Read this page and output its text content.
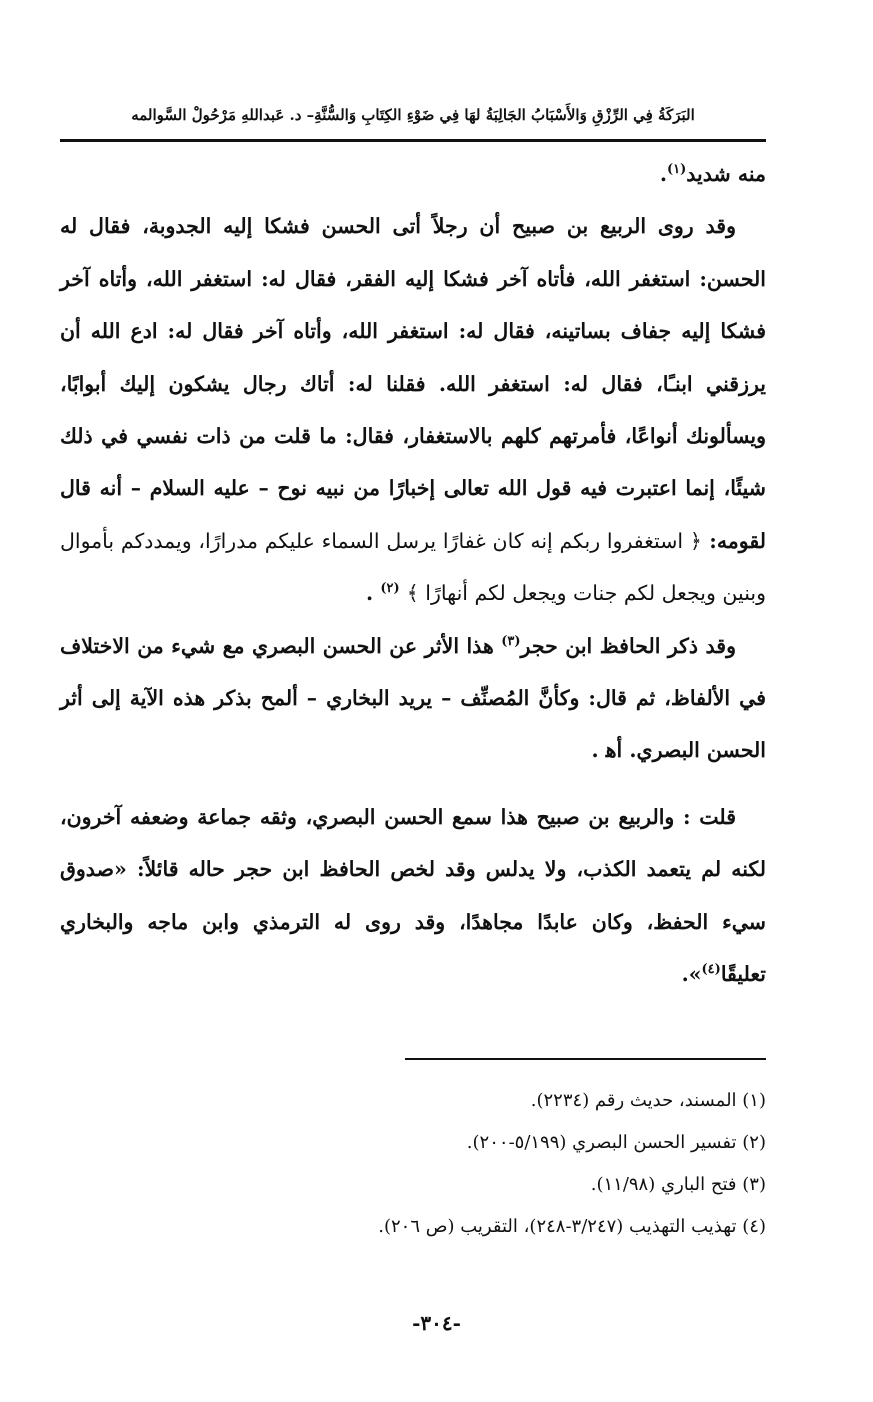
البَرَكَةُ فِي الرِّزْقِ وَالأَسْبَابُ الجَالِبَةُ لهَا فِي ضَوْءِ الكِتَابِ وَالسُّنَّةِ– د. عَبداللهِ مَرْحُولْ السَّوالمه

منه شديد$^{(١)}$.

وقد روى الربيع بن صبيح أن رجلاً أتى الحسن فشكا إليه الجدوبة، فقال له الحسن: استغفر الله، فأتاه آخر فشكا إليه الفقر، فقال له: استغفر الله، وأتاه آخر فشكا إليه جفاف بساتينه، فقال له: استغفر الله، وأتاه آخر فقال له: ادع الله أن يرزقني ابنـًا، فقال له: استغفر الله. فقلنا له: أتاك رجال يشكون إليك أبوابًا، ويسألونك أنواعًا، فأمرتهم كلهم بالاستغفار، فقال: ما قلت من ذات نفسي في ذلك شيئًا، إنما اعتبرت فيه قول الله تعالى إخبارًا من نبيه نوح – عليه السلام – أنه قال لقومه: ﴿ استغفروا ربكم إنه كان غفارًا يرسل السماء عليكم مدرارًا، ويمددكم بأموال وبنين ويجعل لكم جنات ويجعل لكم أنهارًا ﴾ $^{(٢)}$ .

وقد ذكر الحافظ ابن حجر$^{(٣)}$ هذا الأثر عن الحسن البصري مع شيء من الاختلاف في الألفاظ، ثم قال: وكأنَّ المُصنِّف – يريد البخاري – ألمح بذكر هذه الآية إلى أثر الحسن البصري. أﻫ .

قلت : والربيع بن صبيح هذا سمع الحسن البصري، وثقه جماعة وضعفه آخرون، لكنه لم يتعمد الكذب، ولا يدلس وقد لخص الحافظ ابن حجر حاله قائلاً: «صدوق سيء الحفظ، وكان عابدًا مجاهدًا، وقد روى له الترمذي وابن ماجه والبخاري تعليقًا$^{(٤)}$».

(١) المسند، حديث رقم (٢٢٣٤).
(٢) تفسير الحسن البصري (٥/١٩٩-٢٠٠).
(٣) فتح الباري (١١/٩٨).
(٤) تهذيب التهذيب (٣/٢٤٧-٢٤٨)، التقريب (ص ٢٠٦).
-٣٠٤-
